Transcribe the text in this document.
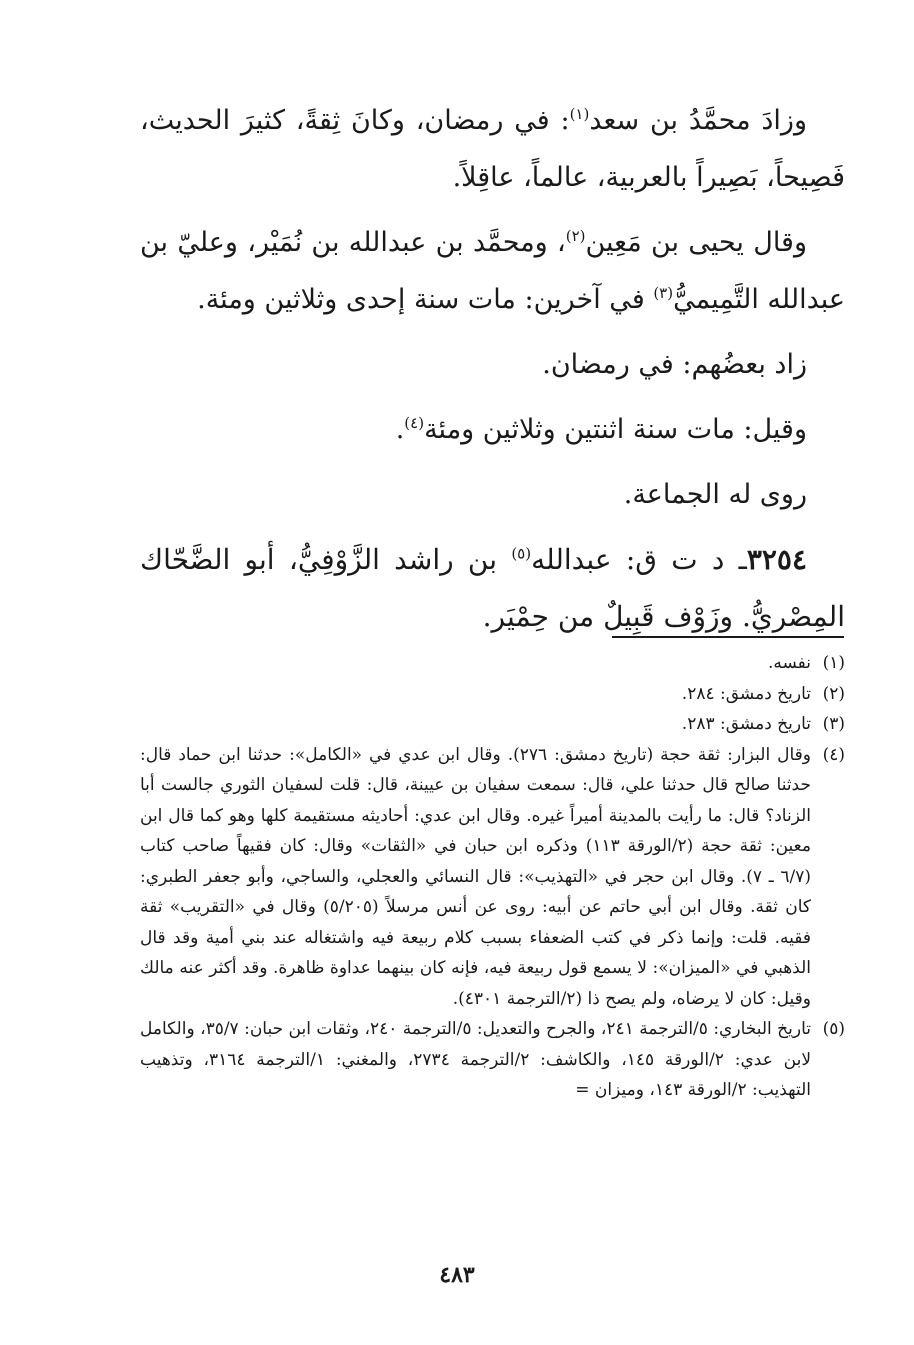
وزادَ محمَّدُ بن سعد$^{(١)}$: في رمضان، وكانَ ثِقةً، كثيرَ الحديث، فَصِيحاً، بَصِيراً بالعربية، عالماً، عاقِلاً.

وقال يحيى بن مَعِين$^{(٢)}$، ومحمَّد بن عبدالله بن نُمَيْر، وعليّ بن عبدالله التَّمِيميُّ$^{(٣)}$ في آخرين: مات سنة إحدى وثلاثين ومئة.

زاد بعضُهم: في رمضان.

وقيل: مات سنة اثنتين وثلاثين ومئة$^{(٤)}$.

روى له الجماعة.

٣٢٥٤ـ د ت ق: عبدالله$^{(٥)}$ بن راشد الزَّوْفِيُّ، أبو الضَّحّاك المِصْريُّ. وزَوْف قَبِيلٌ من حِمْيَر.

(١)
نفسه.

(٢)
تاريخ دمشق: ٢٨٤.

(٣)
تاريخ دمشق: ٢٨٣.

(٤)
وقال البزار: ثقة حجة (تاريخ دمشق: ٢٧٦). وقال ابن عدي في «الكامل»: حدثنا ابن حماد قال: حدثنا صالح قال حدثنا علي، قال: سمعت سفيان بن عيينة، قال: قلت لسفيان الثوري جالست أبا الزناد؟ قال: ما رأيت بالمدينة أميراً غيره. وقال ابن عدي: أحاديثه مستقيمة كلها وهو كما قال ابن معين: ثقة حجة (٢/الورقة ١١٣) وذكره ابن حبان في «الثقات» وقال: كان فقيهاً صاحب كتاب (٦/٧ ـ ٧). وقال ابن حجر في «التهذيب»: قال النسائي والعجلي، والساجي، وأبو جعفر الطبري: كان ثقة. وقال ابن أبي حاتم عن أبيه: روى عن أنس مرسلاً (٥/٢٠٥) وقال في «التقريب» ثقة فقيه. قلت: وإنما ذكر في كتب الضعفاء بسبب كلام ربيعة فيه واشتغاله عند بني أمية وقد قال الذهبي في «الميزان»: لا يسمع قول ربيعة فيه، فإنه كان بينهما عداوة ظاهرة. وقد أكثر عنه مالك وقيل: كان لا يرضاه، ولم يصح ذا (٢/الترجمة ٤٣٠١).

(٥)
تاريخ البخاري: ٥/الترجمة ٢٤١، والجرح والتعديل: ٥/الترجمة ٢٤٠، وثقات ابن حبان: ٣٥/٧، والكامل لابن عدي: ٢/الورقة ١٤٥، والكاشف: ٢/الترجمة ٢٧٣٤، والمغني: ١/الترجمة ٣١٦٤، وتذهيب التهذيب: ٢/الورقة ١٤٣، وميزان =

٤٨٣
